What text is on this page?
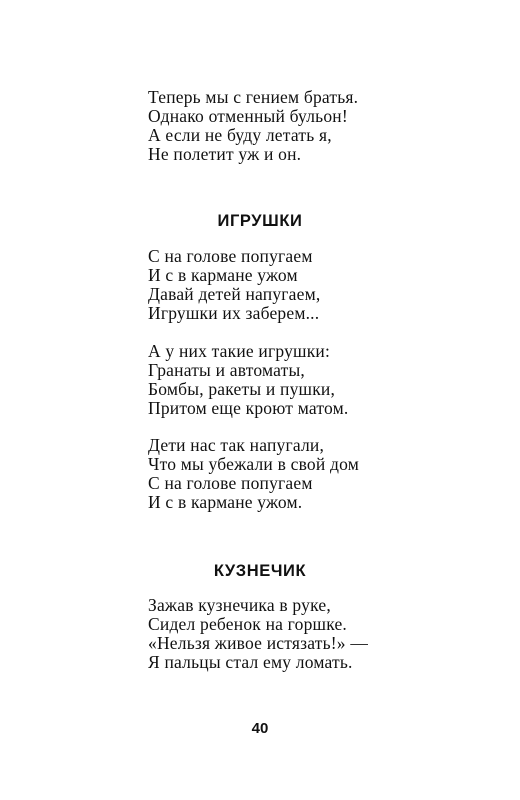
Теперь мы с гением братья.
Однако отменный бульон!
А если не буду летать я,
Не полетит уж и он.
ИГРУШКИ
С на голове попугаем
И с в кармане ужом
Давай детей напугаем,
Игрушки их заберем...
А у них такие игрушки:
Гранаты и автоматы,
Бомбы, ракеты и пушки,
Притом еще кроют матом.
Дети нас так напугали,
Что мы убежали в свой дом
С на голове попугаем
И с в кармане ужом.
КУЗНЕЧИК
Зажав кузнечика в руке,
Сидел ребенок на горшке.
«Нельзя живое истязать!» —
Я пальцы стал ему ломать.
40
